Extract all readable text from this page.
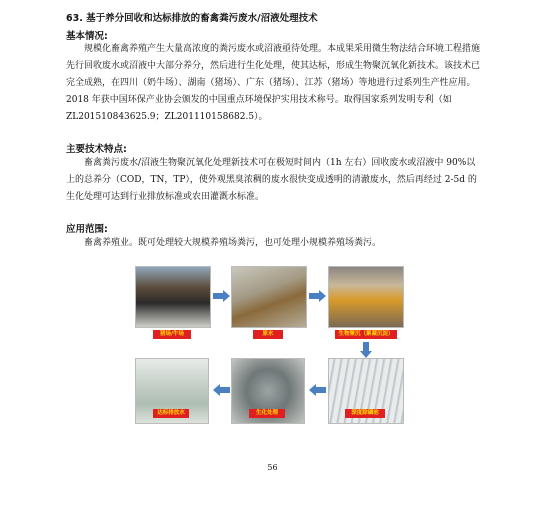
63. 基于养分回收和达标排放的畜禽粪污废水/沼液处理技术
基本情况:

规模化畜禽养殖产生大量高浓度的粪污废水或沼液亟待处理。本成果采用微生物法结合环境工程措施先行回收废水或沼液中大部分养分，然后进行生化处理，使其达标，形成生物聚沉氧化新技术。该技术已完全成熟，在四川（奶牛场）、湖南（猪场）、广东（猪场）、江苏（猪场）等地进行过系列生产性应用。2018 年获中国环保产业协会颁发的中国重点环境保护实用技术称号。取得国家系列发明专利（如 ZL201510843625.9；ZL201110158682.5）。

主要技术特点:

畜禽粪污废水/沼液生物聚沉氧化处理新技术可在极短时间内（1h 左右）回收废水或沼液中 90%以上的总养分（COD，TN，TP），使外观黑臭浓稠的废水很快变成透明的清澈废水，然后再经过 2-5d 的生化处理可达到行业排放标准或农田灌溉水标准。

应用范围:

畜禽养殖业。既可处理较大规模养殖场粪污，也可处理小规模养殖场粪污。

猪场/牛场	原水	生物聚沉（絮凝沉淀）
达标排放水	生化处理	深度除磷池
56
